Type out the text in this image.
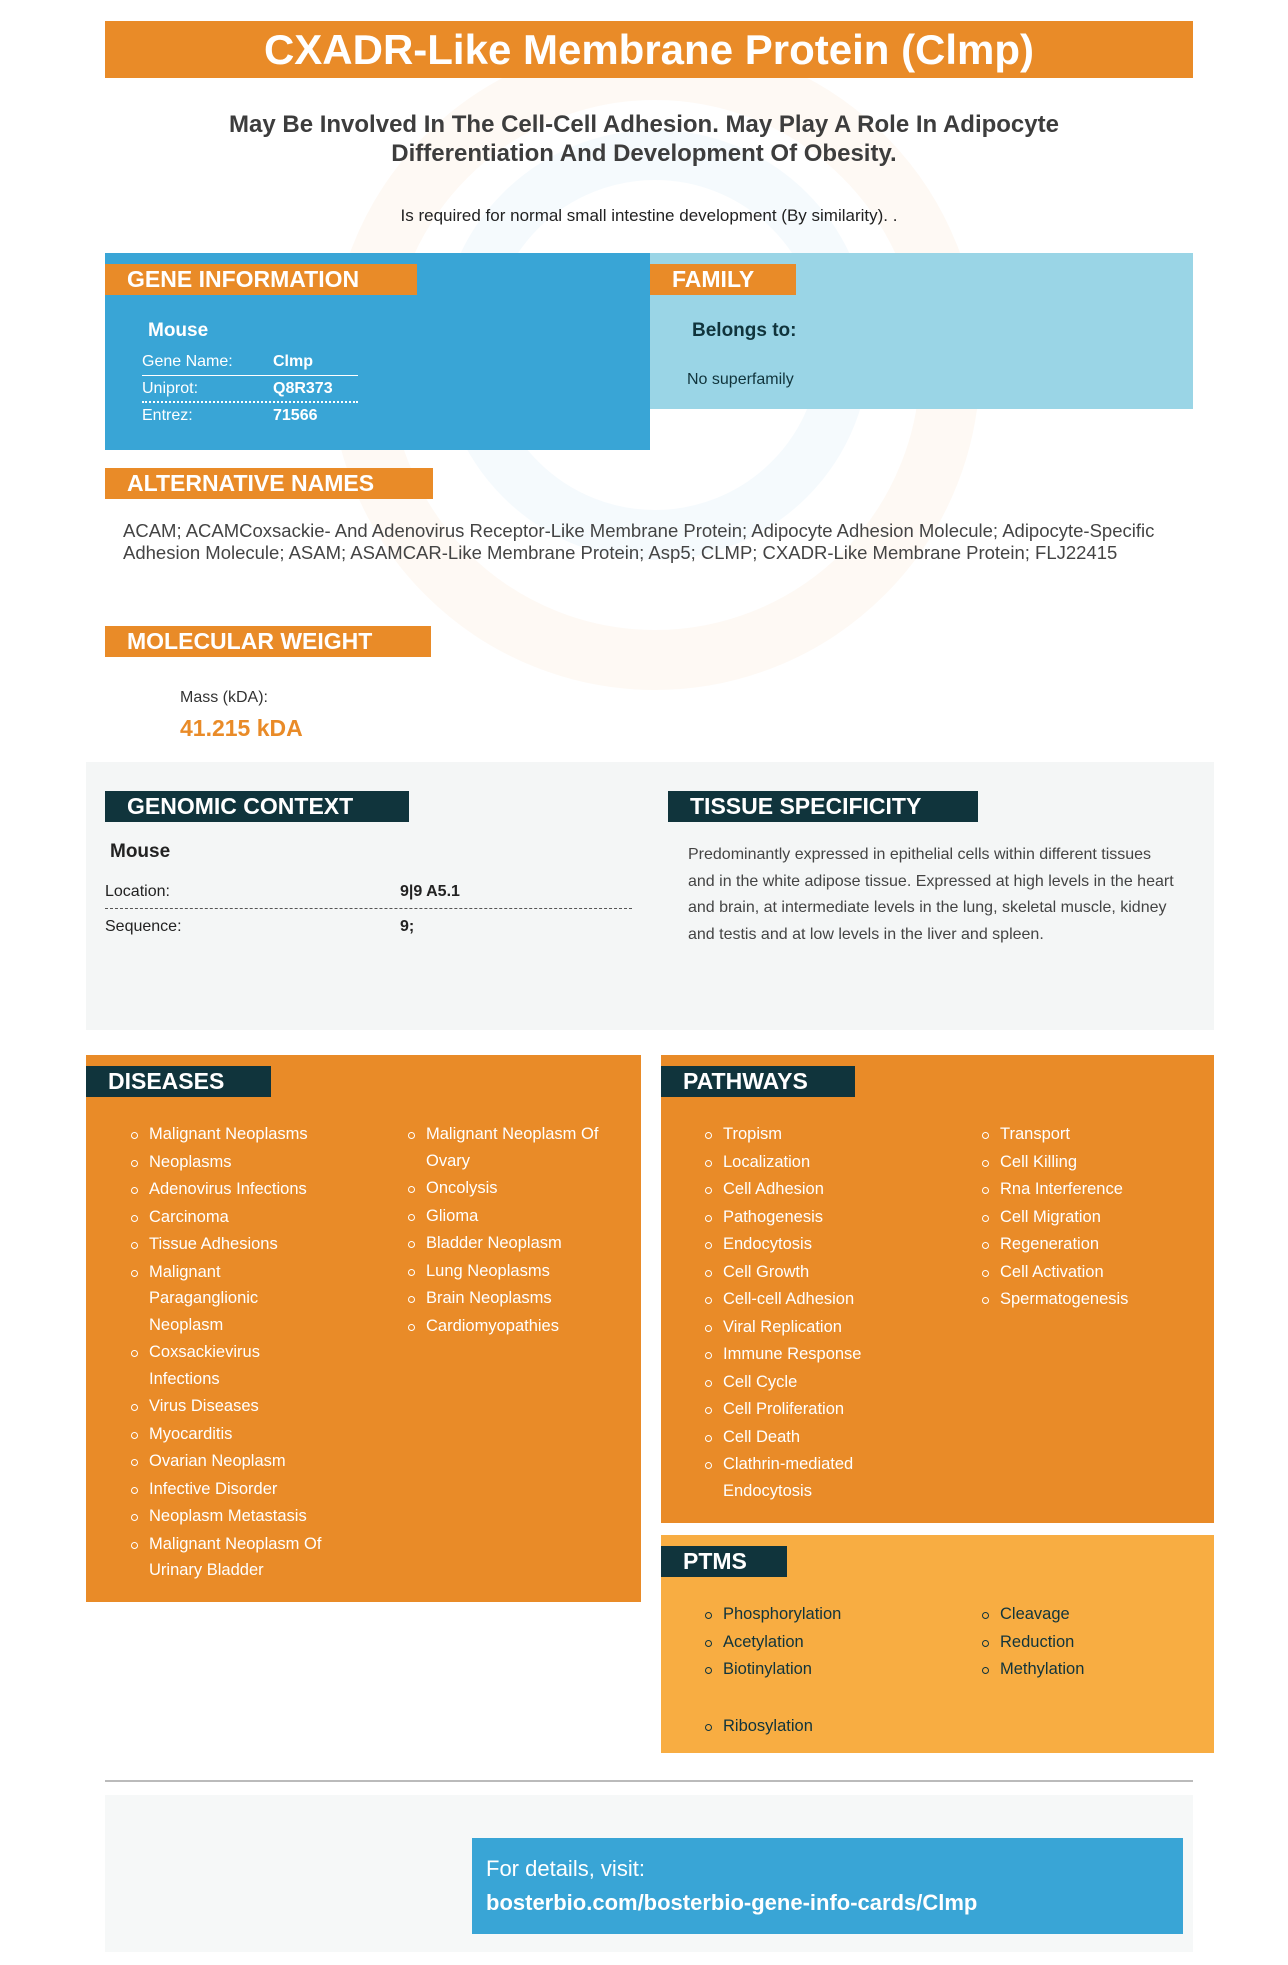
CXADR-Like Membrane Protein (Clmp)
May Be Involved In The Cell-Cell Adhesion. May Play A Role In Adipocyte Differentiation And Development Of Obesity.
Is required for normal small intestine development (By similarity). .
GENE INFORMATION
Mouse
Gene Name:	Clmp
Uniprot:	Q8R373
Entrez:	71566
FAMILY
Belongs to:
No superfamily
ALTERNATIVE NAMES
ACAM; ACAMCoxsackie- And Adenovirus Receptor-Like Membrane Protein; Adipocyte Adhesion Molecule; Adipocyte-Specific Adhesion Molecule; ASAM; ASAMCAR-Like Membrane Protein; Asp5; CLMP; CXADR-Like Membrane Protein; FLJ22415
MOLECULAR WEIGHT
Mass (kDA):
41.215 kDA
GENOMIC CONTEXT
Mouse
Location:	9|9 A5.1
Sequence:	9;
TISSUE SPECIFICITY
Predominantly expressed in epithelial cells within different tissues and in the white adipose tissue. Expressed at high levels in the heart and brain, at intermediate levels in the lung, skeletal muscle, kidney and testis and at low levels in the liver and spleen.
DISEASES
Malignant Neoplasms
Neoplasms
Adenovirus Infections
Carcinoma
Tissue Adhesions
Malignant Paraganglionic Neoplasm
Coxsackievirus Infections
Virus Diseases
Myocarditis
Ovarian Neoplasm
Infective Disorder
Neoplasm Metastasis
Malignant Neoplasm Of Urinary Bladder
Malignant Neoplasm Of Ovary
Oncolysis
Glioma
Bladder Neoplasm
Lung Neoplasms
Brain Neoplasms
Cardiomyopathies
PATHWAYS
Tropism
Localization
Cell Adhesion
Pathogenesis
Endocytosis
Cell Growth
Cell-cell Adhesion
Viral Replication
Immune Response
Cell Cycle
Cell Proliferation
Cell Death
Clathrin-mediated Endocytosis
Transport
Cell Killing
Rna Interference
Cell Migration
Regeneration
Cell Activation
Spermatogenesis
PTMS
Phosphorylation
Acetylation
Biotinylation
Cleavage
Reduction
Methylation
Ribosylation
For details, visit:
bosterbio.com/bosterbio-gene-info-cards/Clmp
